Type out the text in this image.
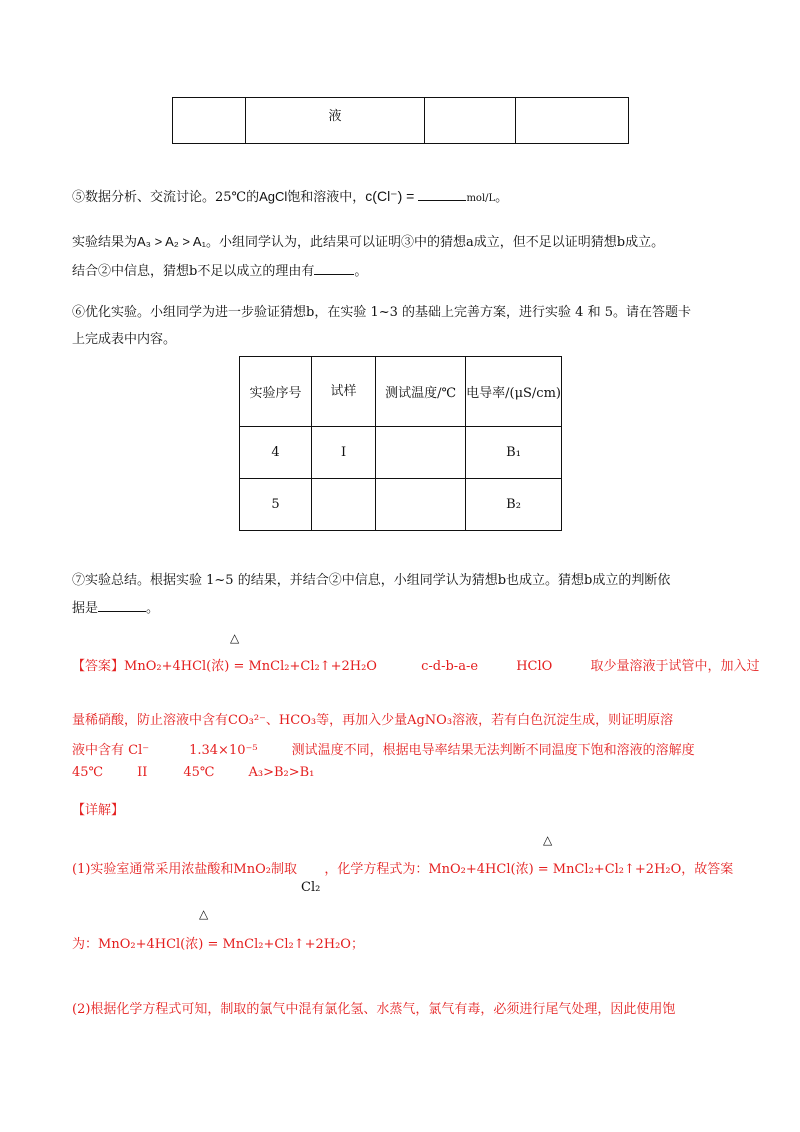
	液		
⑤数据分析、交流讨论。25℃的AgCl饱和溶液中，c(Cl⁻) =	mol/L。
实验结果为A₃ > A₂ > A₁。小组同学认为，此结果可以证明③中的猜想a成立，但不足以证明猜想b成立。
结合②中信息，猜想b不足以成立的理由有	。
⑥优化实验。小组同学为进一步验证猜想b，在实验 1~3 的基础上完善方案，进行实验 4 和 5。请在答题卡
上完成表中内容。
实验序号	试样	测试温度/℃	电导率/(μS/cm)
4	I		B₁
5			B₂
⑦实验总结。根据实验 1~5 的结果，并结合②中信息，小组同学认为猜想b也成立。猜想b成立的判断依
据是	。
△
【答案】MnO₂+4HCl(浓) = MnCl₂+Cl₂↑+2H₂O	c-d-b-a-e	HClO	取少量溶液于试管中，加入过
量稀硝酸，防止溶液中含有CO₃²⁻、HCO₃等，再加入少量AgNO₃溶液，若有白色沉淀生成，则证明原溶
液中含有 Cl⁻	1.34×10⁻⁵	测试温度不同，根据电导率结果无法判断不同温度下饱和溶液的溶解度
45℃	II	45℃	A₃>B₂>B₁
【详解】
△
(1)实验室通常采用浓盐酸和MnO₂制取Cl₂，化学方程式为：MnO₂+4HCl(浓) = MnCl₂+Cl₂↑+2H₂O，故答案
△
为：MnO₂+4HCl(浓) = MnCl₂+Cl₂↑+2H₂O；
(2)根据化学方程式可知，制取的氯气中混有氯化氢、水蒸气，氯气有毒，必须进行尾气处理，因此使用饱
